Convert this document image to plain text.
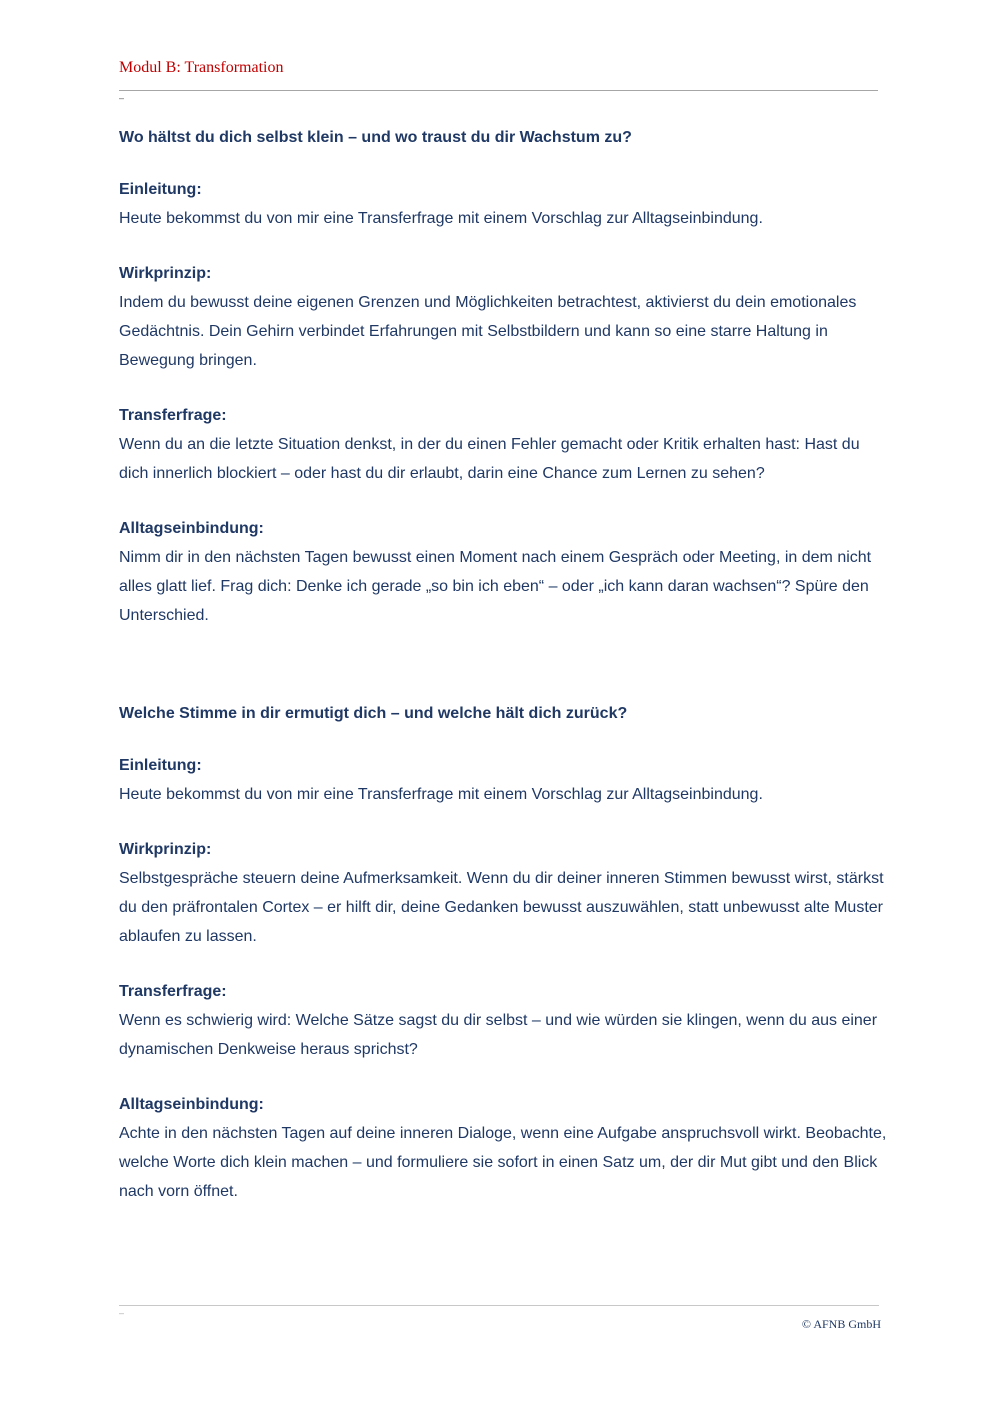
Modul B: Transformation
–

Wo hältst du dich selbst klein – und wo traust du dir Wachstum zu?

Einleitung:

Heute bekommst du von mir eine Transferfrage mit einem Vorschlag zur Alltagseinbindung.

Wirkprinzip:

Indem du bewusst deine eigenen Grenzen und Möglichkeiten betrachtest, aktivierst du dein emotionales Gedächtnis. Dein Gehirn verbindet Erfahrungen mit Selbstbildern und kann so eine starre Haltung in Bewegung bringen.

Transferfrage:

Wenn du an die letzte Situation denkst, in der du einen Fehler gemacht oder Kritik erhalten hast: Hast du dich innerlich blockiert – oder hast du dir erlaubt, darin eine Chance zum Lernen zu sehen?

Alltagseinbindung:

Nimm dir in den nächsten Tagen bewusst einen Moment nach einem Gespräch oder Meeting, in dem nicht alles glatt lief. Frag dich: Denke ich gerade „so bin ich eben“ – oder „ich kann daran wachsen“? Spüre den Unterschied.

Welche Stimme in dir ermutigt dich – und welche hält dich zurück?

Einleitung:

Heute bekommst du von mir eine Transferfrage mit einem Vorschlag zur Alltagseinbindung.

Wirkprinzip:

Selbstgespräche steuern deine Aufmerksamkeit. Wenn du dir deiner inneren Stimmen bewusst wirst, stärkst du den präfrontalen Cortex – er hilft dir, deine Gedanken bewusst auszuwählen, statt unbewusst alte Muster ablaufen zu lassen.

Transferfrage:

Wenn es schwierig wird: Welche Sätze sagst du dir selbst – und wie würden sie klingen, wenn du aus einer dynamischen Denkweise heraus sprichst?

Alltagseinbindung:

Achte in den nächsten Tagen auf deine inneren Dialoge, wenn eine Aufgabe anspruchsvoll wirkt. Beobachte, welche Worte dich klein machen – und formuliere sie sofort in einen Satz um, der dir Mut gibt und den Blick nach vorn öffnet.

–
© AFNB GmbH
